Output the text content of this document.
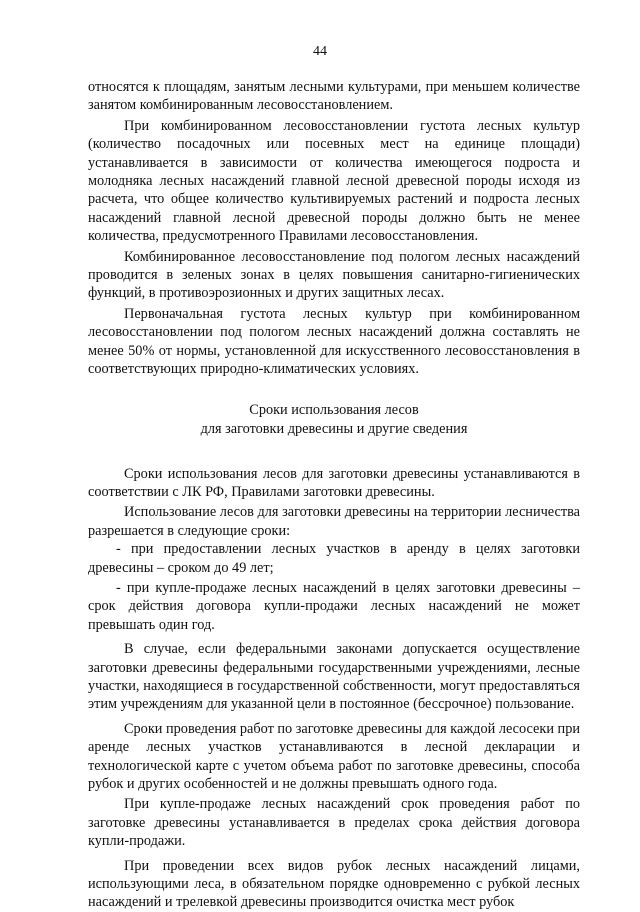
44

относятся к площадям, занятым лесными культурами, при меньшем количестве занятом комбинированным лесовосстановлением.

При комбинированном лесовосстановлении густота лесных культур (количество посадочных или посевных мест на единице площади) устанавливается в зависимости от количества имеющегося подроста и молодняка лесных насаждений главной лесной древесной породы исходя из расчета, что общее количество культивируемых растений и подроста лесных насаждений главной лесной древесной породы должно быть не менее количества, предусмотренного Правилами лесовосстановления.

Комбинированное лесовосстановление под пологом лесных насаждений проводится в зеленых зонах в целях повышения санитарно-гигиенических функций, в противоэрозионных и других защитных лесах.

Первоначальная густота лесных культур при комбинированном лесовосстановлении под пологом лесных насаждений должна составлять не менее 50% от нормы, установленной для искусственного лесовосстановления в соответствующих природно-климатических условиях.

Сроки использования лесов
для заготовки древесины и другие сведения

Сроки использования лесов для заготовки древесины устанавливаются в соответствии с ЛК РФ, Правилами заготовки древесины.

Использование лесов для заготовки древесины на территории лесничества разрешается в следующие сроки:

- при предоставлении лесных участков в аренду в целях заготовки древесины – сроком до 49 лет;

- при купле-продаже лесных насаждений в целях заготовки древесины – срок действия договора купли-продажи лесных насаждений не может превышать один год.

В случае, если федеральными законами допускается осуществление заготовки древесины федеральными государственными учреждениями, лесные участки, находящиеся в государственной собственности, могут предоставляться этим учреждениям для указанной цели в постоянное (бессрочное) пользование.

Сроки проведения работ по заготовке древесины для каждой лесосеки при аренде лесных участков устанавливаются в лесной декларации и технологической карте с учетом объема работ по заготовке древесины, способа рубок и других особенностей и не должны превышать одного года.

При купле-продаже лесных насаждений срок проведения работ по заготовке древесины устанавливается в пределах срока действия договора купли-продажи.

При проведении всех видов рубок лесных насаждений лицами, использующими леса, в обязательном порядке одновременно с рубкой лесных насаждений и трелевкой древесины производится очистка мест рубок
